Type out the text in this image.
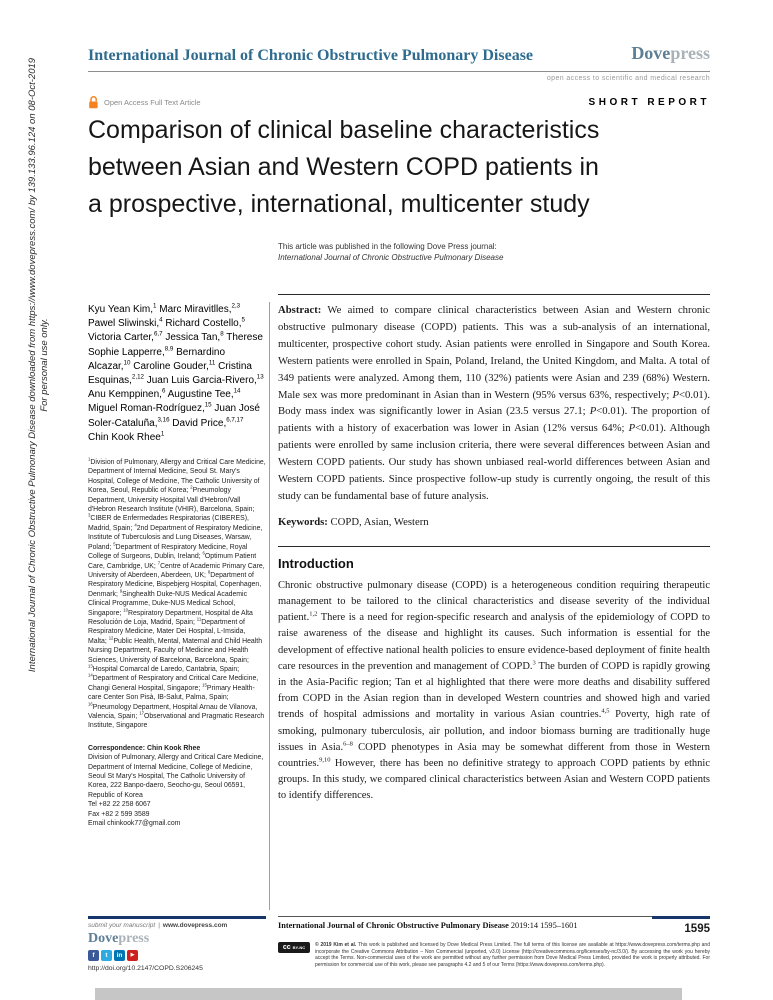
International Journal of Chronic Obstructive Pulmonary Disease downloaded from https://www.dovepress.com/ by 139.133.96.124 on 08-Oct-2019 For personal use only.
International Journal of Chronic Obstructive Pulmonary Disease	Dovepress
open access to scientific and medical research
Open Access Full Text Article	SHORT REPORT
Comparison of clinical baseline characteristics
between Asian and Western COPD patients in
a prospective, international, multicenter study
This article was published in the following Dove Press journal:
International Journal of Chronic Obstructive Pulmonary Disease

Kyu Yean Kim,$^1$ Marc Miravitlles,$^{2,3}$ Pawel Sliwinski,$^4$ Richard Costello,$^5$ Victoria Carter,$^{6,7}$ Jessica Tan,$^8$ Therese Sophie Lapperre,$^{8,9}$ Bernardino Alcazar,$^{10}$ Caroline Gouder,$^{11}$ Cristina Esquinas,$^{2,12}$ Juan Luis Garcia-Rivero,$^{13}$ Anu Kemppinen,$^6$ Augustine Tee,$^{14}$ Miguel Roman-Rodríguez,$^{15}$ Juan José Soler-Cataluña,$^{3,16}$ David Price,$^{6,7,17}$ Chin Kook Rhee$^1$

$^1$Division of Pulmonary, Allergy and Critical Care Medicine, Department of Internal Medicine, Seoul St. Mary's Hospital, College of Medicine, The Catholic University of Korea, Seoul, Republic of Korea; $^2$Pneumology Department, University Hospital Vall d'Hebron/Vall d'Hebron Research Institute (VHIR), Barcelona, Spain; $^3$CIBER de Enfermedades Respiratorias (CIBERES), Madrid, Spain; $^4$2nd Department of Respiratory Medicine, Institute of Tuberculosis and Lung Diseases, Warsaw, Poland; $^5$Department of Respiratory Medicine, Royal College of Surgeons, Dublin, Ireland; $^6$Optimum Patient Care, Cambridge, UK; $^7$Centre of Academic Primary Care, University of Aberdeen, Aberdeen, UK; $^8$Department of Respiratory Medicine, Bispebjerg Hospital, Copenhagen, Denmark; $^9$Singhealth Duke-NUS Medical Academic Clinical Programme, Duke-NUS Medical School, Singapore; $^{10}$Respiratory Department, Hospital de Alta Resolución de Loja, Madrid, Spain; $^{11}$Department of Respiratory Medicine, Mater Dei Hospital, L-Imsida, Malta; $^{12}$Public Health, Mental, Maternal and Child Health Nursing Department, Faculty of Medicine and Health Sciences, University of Barcelona, Barcelona, Spain; $^{13}$Hospital Comarcal de Laredo, Cantabria, Spain; $^{14}$Department of Respiratory and Critical Care Medicine, Changi General Hospital, Singapore; $^{15}$Primary Health-care Center Son Pisà, IB-Salut, Palma, Spain; $^{16}$Pneumology Department, Hospital Arnau de Vilanova, Valencia, Spain; $^{17}$Observational and Pragmatic Research Institute, Singapore

Correspondence: Chin Kook Rhee
Division of Pulmonary, Allergy and Critical Care Medicine, Department of Internal Medicine, College of Medicine, Seoul St Mary's Hospital, The Catholic University of Korea, 222 Banpo-daero, Seocho-gu, Seoul 06591, Republic of Korea
Tel +82 22 258 6067
Fax +82 2 599 3589
Email chinkook77@gmail.com

Abstract: We aimed to compare clinical characteristics between Asian and Western chronic obstructive pulmonary disease (COPD) patients. This was a sub-analysis of an international, multicenter, prospective cohort study. Asian patients were enrolled in Singapore and South Korea. Western patients were enrolled in Spain, Poland, Ireland, the United Kingdom, and Malta. A total of 349 patients were analyzed. Among them, 110 (32%) patients were Asian and 239 (68%) Western. Male sex was more predominant in Asian than in Western (95% versus 63%, respectively; P<0.01). Body mass index was significantly lower in Asian (23.5 versus 27.1; P<0.01). The proportion of patients with a history of exacerbation was lower in Asian (12% versus 64%; P<0.01). Although patients were enrolled by same inclusion criteria, there were several differences between Asian and Western COPD patients. Our study has shown unbiased real-world differences between Asian and Western COPD patients. Since prospective follow-up study is currently ongoing, the result of this study can be fundamental base of future analysis.

Keywords: COPD, Asian, Western

Introduction

Chronic obstructive pulmonary disease (COPD) is a heterogeneous condition requiring therapeutic management to be tailored to the clinical characteristics and disease severity of the individual patient.$^{1,2}$ There is a need for region-specific research and analysis of the epidemiology of COPD to raise awareness of the disease and highlight its causes. Such information is essential for the development of effective national health policies to ensure evidence-based deployment of finite health care resources in the prevention and management of COPD.$^3$ The burden of COPD is rapidly growing in the Asia-Pacific region; Tan et al highlighted that there were more deaths and disability suffered from COPD in the Asian region than in developed Western countries and showed high and varied trends of hospital admissions and mortality in various Asian countries.$^{4,5}$ Poverty, high rate of smoking, pulmonary tuberculosis, air pollution, and indoor biomass burning are traditionally huge issues in Asia.$^{6-8}$ COPD phenotypes in Asia may be somewhat different from those in Western countries.$^{9,10}$ However, there has been no definitive strategy to approach COPD patients by ethnic groups. In this study, we compared clinical characteristics between Asian and Western COPD patients to identify differences.

submit your manuscript | www.dovepress.com
Dovepress
f	t	in	▶
http://doi.org/10.2147/COPD.S206245
International Journal of Chronic Obstructive Pulmonary Disease 2019:14 1595–1601	1595
cc BY-NC © 2019 Kim et al. This work is published and licensed by Dove Medical Press Limited. The full terms of this license are available at https://www.dovepress.com/terms.php and incorporate the Creative Commons Attribution – Non Commercial (unported, v3.0) License (http://creativecommons.org/licenses/by-nc/3.0/). By accessing the work you hereby accept the Terms. Non-commercial uses of the work are permitted without any further permission from Dove Medical Press Limited, provided the work is properly attributed. For permission for commercial use of this work, please see paragraphs 4.2 and 5 of our Terms (https://www.dovepress.com/terms.php).
